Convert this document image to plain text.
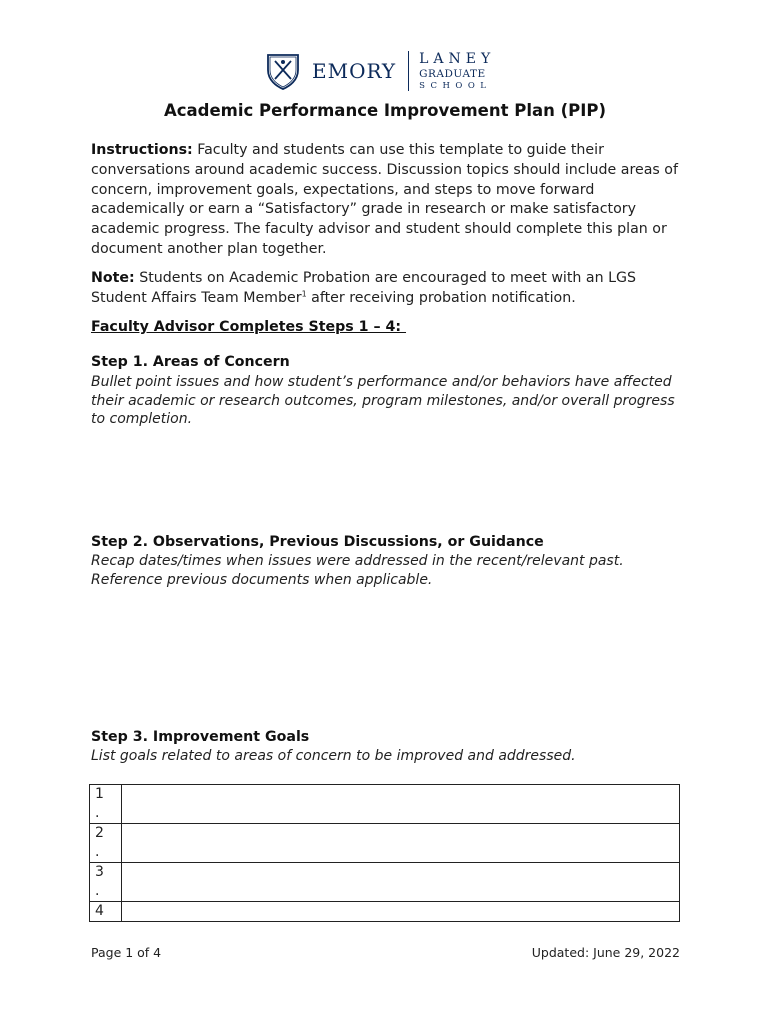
EMORY
LANEY
GRADUATE
SCHOOL
Academic Performance Improvement Plan (PIP)
Instructions: Faculty and students can use this template to guide their conversations around academic success. Discussion topics should include areas of concern, improvement goals, expectations, and steps to move forward academically or earn a “Satisfactory” grade in research or make satisfactory academic progress. The faculty advisor and student should complete this plan or document another plan together.
Note: Students on Academic Probation are encouraged to meet with an LGS Student Affairs Team Member$^1$ after receiving probation notification.
Faculty Advisor Completes Steps 1 – 4:
Step 1. Areas of Concern
Bullet point issues and how student’s performance and/or behaviors have affected their academic or research outcomes, program milestones, and/or overall progress to completion.
Step 2. Observations, Previous Discussions, or Guidance
Recap dates/times when issues were addressed in the recent/relevant past. Reference previous documents when applicable.
Step 3. Improvement Goals
List goals related to areas of concern to be improved and addressed.
1
.	
2
.	
3
.	
4	
Page 1 of 4	Updated: June 29, 2022
